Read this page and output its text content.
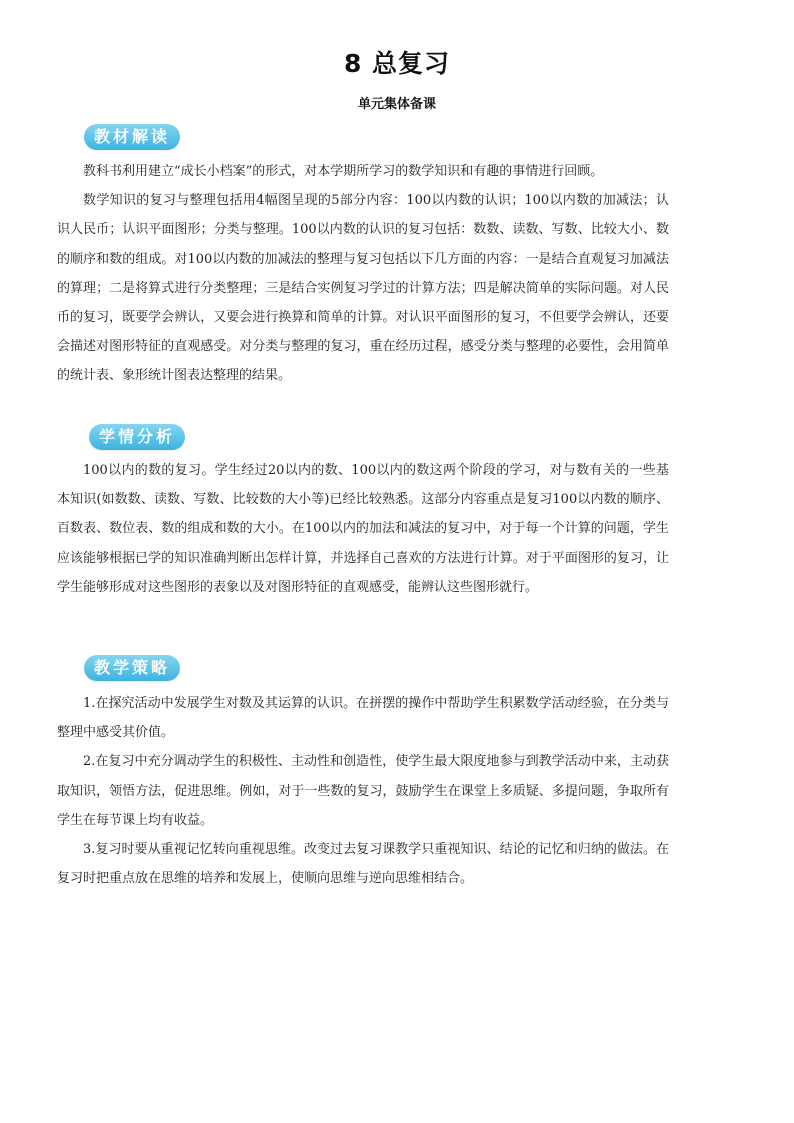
8 总复习
单元集体备课
教材解读

教科书利用建立“成长小档案”的形式，对本学期所学习的数学知识和有趣的事情进行回顾。

数学知识的复习与整理包括用4幅图呈现的5部分内容：100以内数的认识；100以内数的加减法；认识人民币；认识平面图形；分类与整理。100以内数的认识的复习包括：数数、读数、写数、比较大小、数的顺序和数的组成。对100以内数的加减法的整理与复习包括以下几方面的内容：一是结合直观复习加减法的算理；二是将算式进行分类整理；三是结合实例复习学过的计算方法；四是解决简单的实际问题。对人民币的复习，既要学会辨认，又要会进行换算和简单的计算。对认识平面图形的复习，不但要学会辨认，还要会描述对图形特征的直观感受。对分类与整理的复习，重在经历过程，感受分类与整理的必要性，会用简单的统计表、象形统计图表达整理的结果。

学情分析

100以内的数的复习。学生经过20以内的数、100以内的数这两个阶段的学习，对与数有关的一些基本知识(如数数、读数、写数、比较数的大小等)已经比较熟悉。这部分内容重点是复习100以内数的顺序、百数表、数位表、数的组成和数的大小。在100以内的加法和减法的复习中，对于每一个计算的问题，学生应该能够根据已学的知识准确判断出怎样计算，并选择自己喜欢的方法进行计算。对于平面图形的复习，让学生能够形成对这些图形的表象以及对图形特征的直观感受，能辨认这些图形就行。

教学策略

1.在探究活动中发展学生对数及其运算的认识。在拼摆的操作中帮助学生积累数学活动经验，在分类与整理中感受其价值。

2.在复习中充分调动学生的积极性、主动性和创造性，使学生最大限度地参与到教学活动中来，主动获取知识，领悟方法，促进思维。例如，对于一些数的复习，鼓励学生在课堂上多质疑、多提问题，争取所有学生在每节课上均有收益。

3.复习时要从重视记忆转向重视思维。改变过去复习课教学只重视知识、结论的记忆和归纳的做法。在复习时把重点放在思维的培养和发展上，使顺向思维与逆向思维相结合。
